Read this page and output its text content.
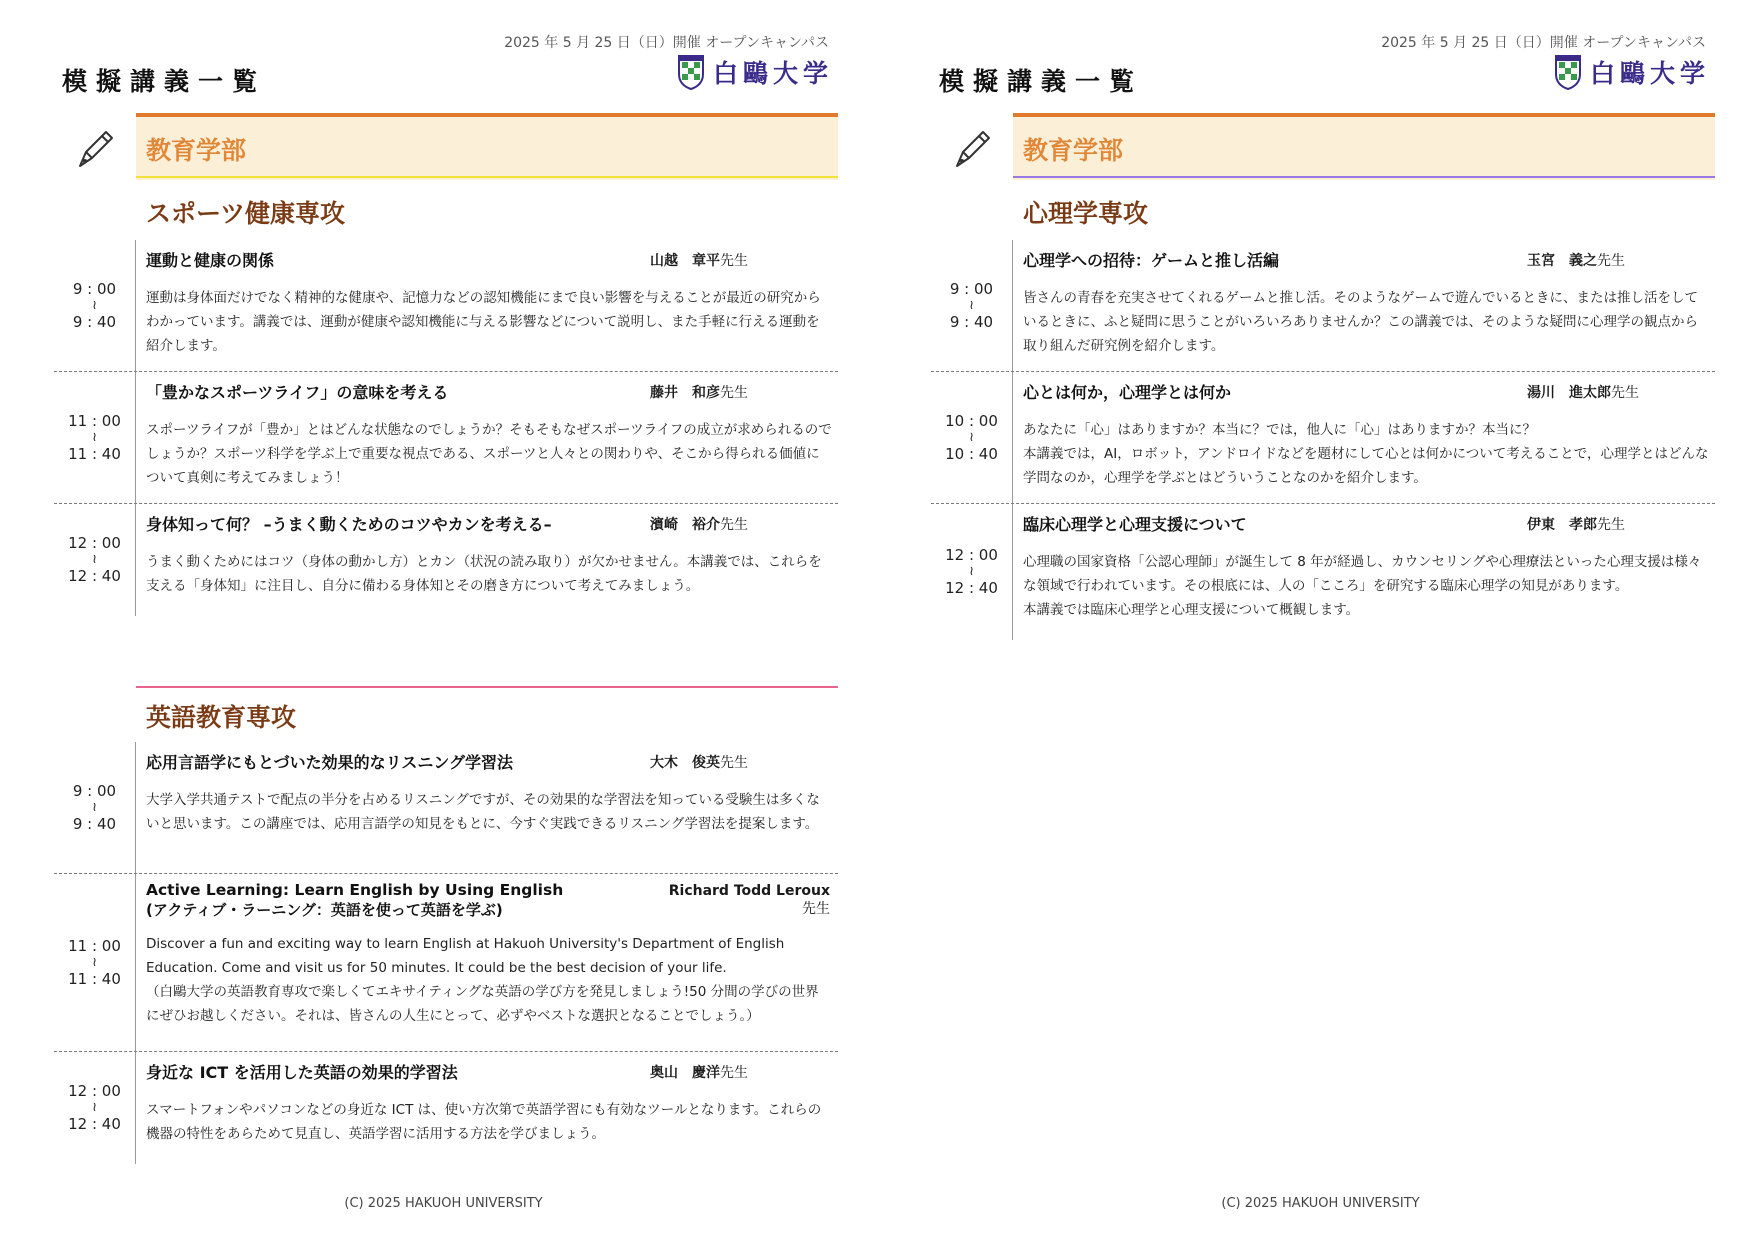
模擬講義一覧
2025 年 5 月 25 日（日）開催 オープンキャンパス
白鷗大学
教育学部
スポーツ健康専攻
9 : 00
≀
9 : 40
運動と健康の関係	山越　章平先生
運動は身体面だけでなく精神的な健康や、記憶力などの認知機能にまで良い影響を与えることが最近の研究からわかっています。講義では、運動が健康や認知機能に与える影響などについて説明し、また手軽に行える運動を紹介します。
11 : 00
≀
11 : 40
「豊かなスポーツライフ」の意味を考える	藤井　和彦先生
スポーツライフが「豊か」とはどんな状態なのでしょうか？そもそもなぜスポーツライフの成立が求められるのでしょうか？スポーツ科学を学ぶ上で重要な視点である、スポーツと人々との関わりや、そこから得られる価値について真剣に考えてみましょう！
12 : 00
≀
12 : 40
身体知って何？ –うまく動くためのコツやカンを考える–	濱崎　裕介先生
うまく動くためにはコツ（身体の動かし方）とカン（状況の読み取り）が欠かせません。本講義では、これらを支える「身体知」に注目し、自分に備わる身体知とその磨き方について考えてみましょう。
英語教育専攻
9 : 00
≀
9 : 40
応用言語学にもとづいた効果的なリスニング学習法	大木　俊英先生
大学入学共通テストで配点の半分を占めるリスニングですが、その効果的な学習法を知っている受験生は多くないと思います。この講座では、応用言語学の知見をもとに、今すぐ実践できるリスニング学習法を提案します。
11 : 00
≀
11 : 40
Active Learning: Learn English by Using English
(アクティブ・ラーニング：英語を使って英語を学ぶ)
Richard Todd Leroux
先生
Discover a fun and exciting way to learn English at Hakuoh University's Department of English Education. Come and visit us for 50 minutes. It could be the best decision of your life.
（白鷗大学の英語教育専攻で楽しくてエキサイティングな英語の学び方を発見しましょう!50 分間の学びの世界にぜひお越しください。それは、皆さんの人生にとって、必ずやベストな選択となることでしょう。）
12 : 00
≀
12 : 40
身近な ICT を活用した英語の効果的学習法	奥山　慶洋先生
スマートフォンやパソコンなどの身近な ICT は、使い方次第で英語学習にも有効なツールとなります。これらの機器の特性をあらためて見直し、英語学習に活用する方法を学びましょう。
(C) 2025 HAKUOH UNIVERSITY
模擬講義一覧
2025 年 5 月 25 日（日）開催 オープンキャンパス
白鷗大学
教育学部
心理学専攻
9 : 00
≀
9 : 40
心理学への招待：ゲームと推し活編	玉宮　義之先生
皆さんの青春を充実させてくれるゲームと推し活。そのようなゲームで遊んでいるときに、または推し活をしているときに、ふと疑問に思うことがいろいろありませんか？この講義では、そのような疑問に心理学の観点から取り組んだ研究例を紹介します。
10 : 00
≀
10 : 40
心とは何か，心理学とは何か	湯川　進太郎先生
あなたに「心」はありますか？本当に？では，他人に「心」はありますか？本当に？
本講義では，AI，ロボット，アンドロイドなどを題材にして心とは何かについて考えることで，心理学とはどんな学問なのか，心理学を学ぶとはどういうことなのかを紹介します。
12 : 00
≀
12 : 40
臨床心理学と心理支援について	伊東　孝郎先生
心理職の国家資格「公認心理師」が誕生して 8 年が経過し、カウンセリングや心理療法といった心理支援は様々な領域で行われています。その根底には、人の「こころ」を研究する臨床心理学の知見があります。
本講義では臨床心理学と心理支援について概観します。
(C) 2025 HAKUOH UNIVERSITY
